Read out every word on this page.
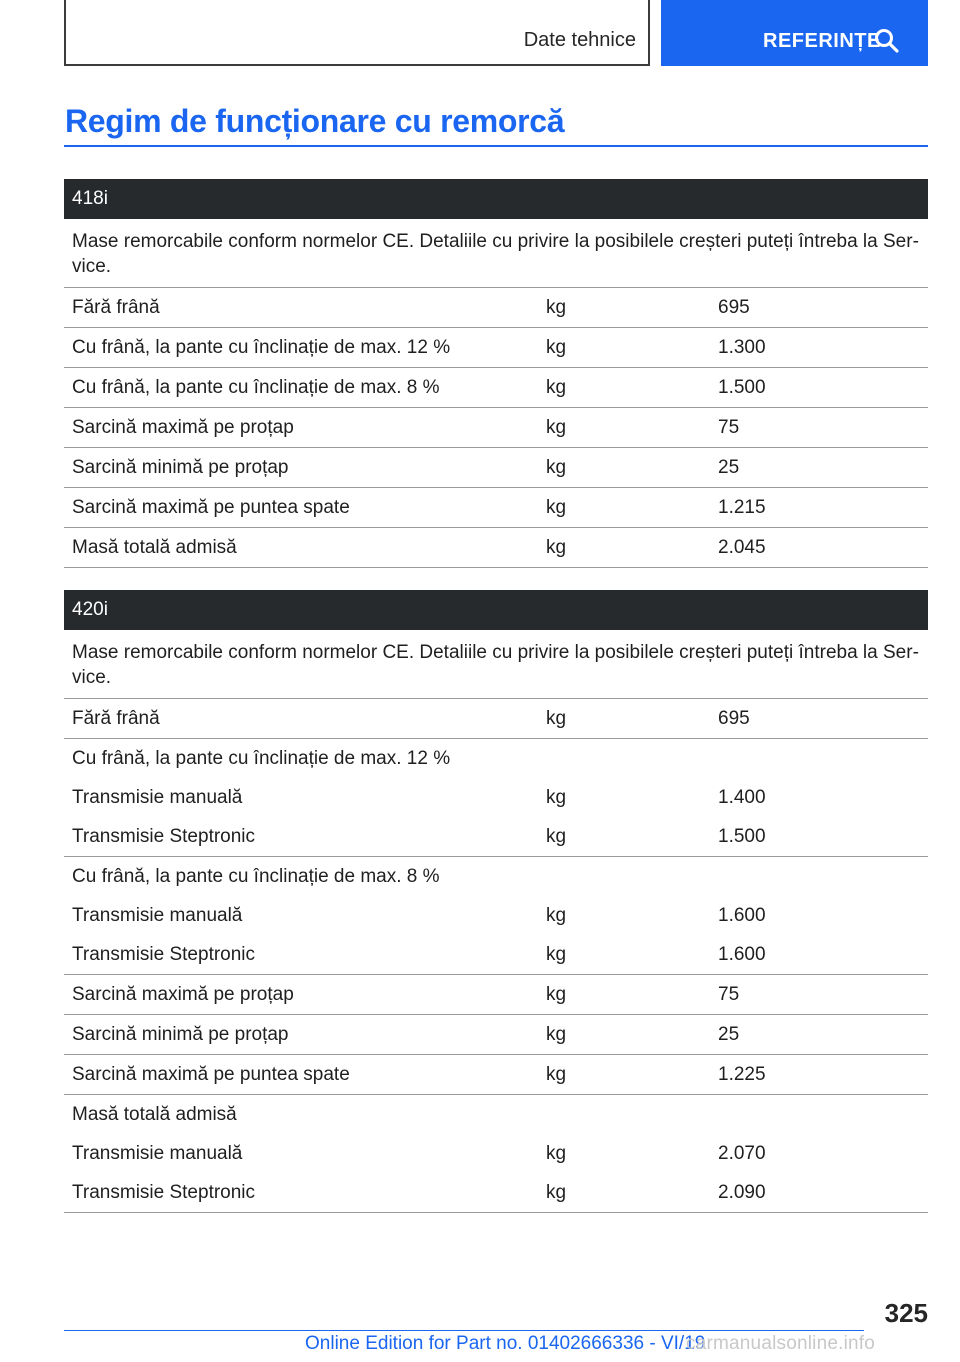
Date tehnice	REFERINȚE
Regim de funcționare cu remorcă
418i
Mase remorcabile conform normelor CE. Detaliile cu privire la posibilele creșteri puteți întreba la Ser-vice.
Fără frână	kg	695
Cu frână, la pante cu înclinație de max. 12 %	kg	1.300
Cu frână, la pante cu înclinație de max. 8 %	kg	1.500
Sarcină maximă pe proțap	kg	75
Sarcină minimă pe proțap	kg	25
Sarcină maximă pe puntea spate	kg	1.215
Masă totală admisă	kg	2.045
420i
Mase remorcabile conform normelor CE. Detaliile cu privire la posibilele creșteri puteți întreba la Ser-vice.
Fără frână	kg	695
Cu frână, la pante cu înclinație de max. 12 %
Transmisie manuală	kg	1.400
Transmisie Steptronic	kg	1.500
Cu frână, la pante cu înclinație de max. 8 %
Transmisie manuală	kg	1.600
Transmisie Steptronic	kg	1.600
Sarcină maximă pe proțap	kg	75
Sarcină minimă pe proțap	kg	25
Sarcină maximă pe puntea spate	kg	1.225
Masă totală admisă
Transmisie manuală	kg	2.070
Transmisie Steptronic	kg	2.090
325
Online Edition for Part no. 01402666336 - VI/19
carmanualsonline.info
